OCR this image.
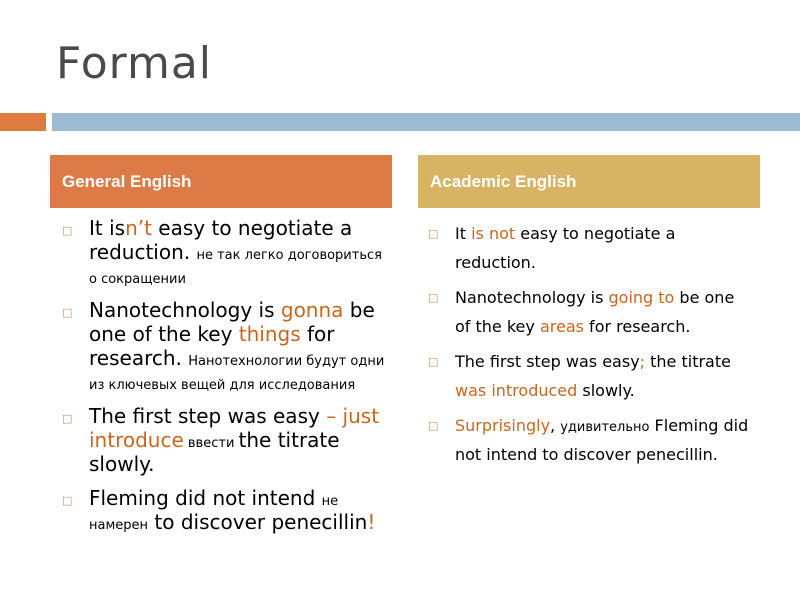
Formal
General English	Academic English
□ It isn’t easy to negotiate a reduction. не так легко договориться о сокращении
□ Nanotechnology is gonna be one of the key things for research. Нанотехнологии будут одни из ключевых вещей для исследования
□ The first step was easy – just introduce ввести the titrate slowly.
□ Fleming did not intend не намерен to discover penecillin!
□ It is not easy to negotiate a reduction.
□ Nanotechnology is going to be one of the key areas for research.
□ The first step was easy; the titrate was introduced slowly.
□ Surprisingly, удивительно Fleming did not intend to discover penecillin.
